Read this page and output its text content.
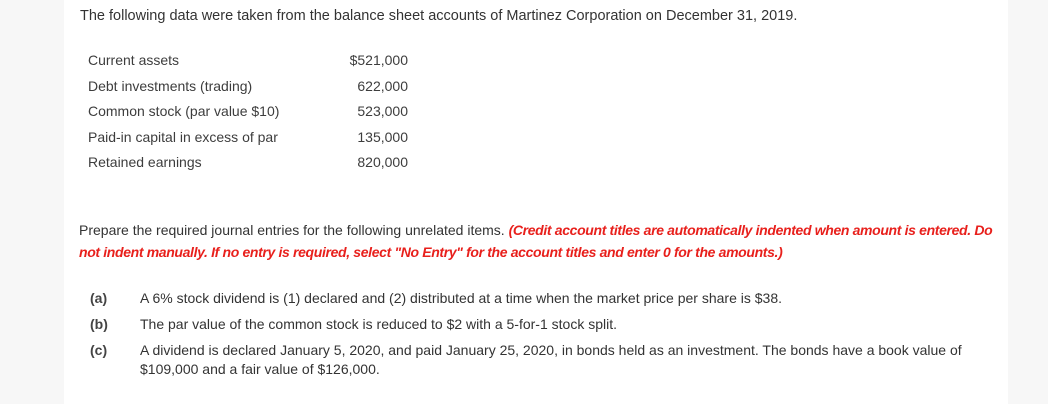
The following data were taken from the balance sheet accounts of Martinez Corporation on December 31, 2019.
Current assets	$521,000
Debt investments (trading)	622,000
Common stock (par value $10)	523,000
Paid-in capital in excess of par	135,000
Retained earnings	820,000
Prepare the required journal entries for the following unrelated items. (Credit account titles are automatically indented when amount is entered. Do not indent manually. If no entry is required, select "No Entry" for the account titles and enter 0 for the amounts.)
(a) A 6% stock dividend is (1) declared and (2) distributed at a time when the market price per share is $38.
(b) The par value of the common stock is reduced to $2 with a 5-for-1 stock split.
(c) A dividend is declared January 5, 2020, and paid January 25, 2020, in bonds held as an investment. The bonds have a book value of $109,000 and a fair value of $126,000.
